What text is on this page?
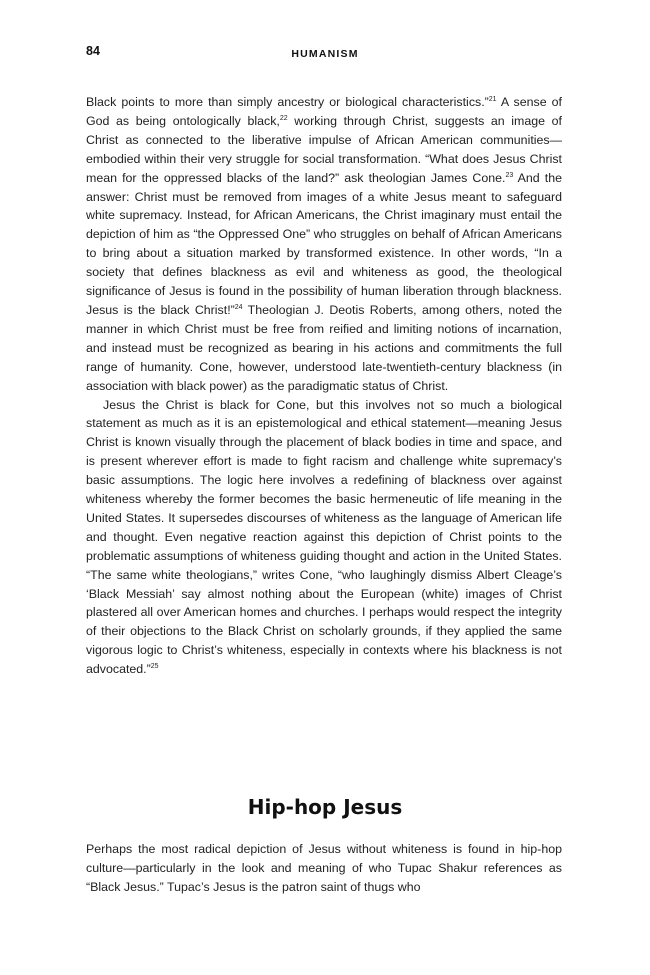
84	HUMANISM

Black points to more than simply ancestry or biological characteristics.”$^{21}$ A sense of God as being ontologically black,$^{22}$ working through Christ, suggests an image of Christ as connected to the liberative impulse of African American communities—embodied within their very struggle for social transformation. “What does Jesus Christ mean for the oppressed blacks of the land?” ask theologian James Cone.$^{23}$ And the answer: Christ must be removed from images of a white Jesus meant to safeguard white supremacy. Instead, for African Americans, the Christ imaginary must entail the depiction of him as “the Oppressed One” who struggles on behalf of African Americans to bring about a situation marked by transformed existence. In other words, “In a society that defines blackness as evil and whiteness as good, the theological significance of Jesus is found in the possibility of human liberation through blackness. Jesus is the black Christ!”$^{24}$ Theologian J. Deotis Roberts, among others, noted the manner in which Christ must be free from reified and limiting notions of incarnation, and instead must be recognized as bearing in his actions and commitments the full range of humanity. Cone, however, understood late-twentieth-century blackness (in association with black power) as the paradigmatic status of Christ.

Jesus the Christ is black for Cone, but this involves not so much a biological statement as much as it is an epistemological and ethical statement—meaning Jesus Christ is known visually through the placement of black bodies in time and space, and is present wherever effort is made to fight racism and challenge white supremacy’s basic assumptions. The logic here involves a redefining of blackness over against whiteness whereby the former becomes the basic hermeneutic of life meaning in the United States. It supersedes discourses of whiteness as the language of American life and thought. Even negative reaction against this depiction of Christ points to the problematic assumptions of whiteness guiding thought and action in the United States. “The same white theologians,” writes Cone, “who laughingly dismiss Albert Cleage’s ‘Black Messiah’ say almost nothing about the European (white) images of Christ plastered all over American homes and churches. I perhaps would respect the integrity of their objections to the Black Christ on scholarly grounds, if they applied the same vigorous logic to Christ’s whiteness, especially in contexts where his blackness is not advocated.”$^{25}$

Hip-hop Jesus

Perhaps the most radical depiction of Jesus without whiteness is found in hip-hop culture—particularly in the look and meaning of who Tupac Shakur references as “Black Jesus.” Tupac’s Jesus is the patron saint of thugs who
